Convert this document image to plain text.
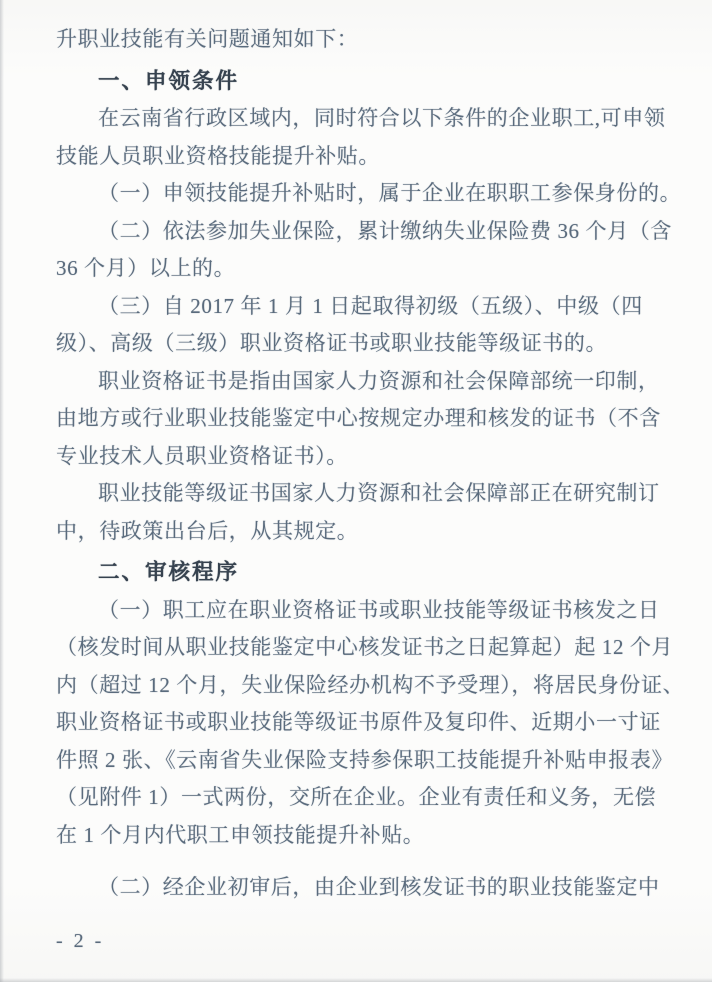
升职业技能有关问题通知如下：
一、申领条件
在云南省行政区域内，同时符合以下条件的企业职工,可申领
技能人员职业资格技能提升补贴。
（一）申领技能提升补贴时，属于企业在职职工参保身份的。
（二）依法参加失业保险，累计缴纳失业保险费 36 个月（含
36 个月）以上的。
（三）自 2017 年 1 月 1 日起取得初级（五级）、中级（四
级）、高级（三级）职业资格证书或职业技能等级证书的。
职业资格证书是指由国家人力资源和社会保障部统一印制，
由地方或行业职业技能鉴定中心按规定办理和核发的证书（不含
专业技术人员职业资格证书）。
职业技能等级证书国家人力资源和社会保障部正在研究制订
中，待政策出台后，从其规定。
二、审核程序
（一）职工应在职业资格证书或职业技能等级证书核发之日
（核发时间从职业技能鉴定中心核发证书之日起算起）起 12 个月
内（超过 12 个月，失业保险经办机构不予受理），将居民身份证、
职业资格证书或职业技能等级证书原件及复印件、近期小一寸证
件照 2 张、《云南省失业保险支持参保职工技能提升补贴申报表》
（见附件 1）一式两份，交所在企业。企业有责任和义务，无偿
在 1 个月内代职工申领技能提升补贴。
（二）经企业初审后，由企业到核发证书的职业技能鉴定中
- 2 -
